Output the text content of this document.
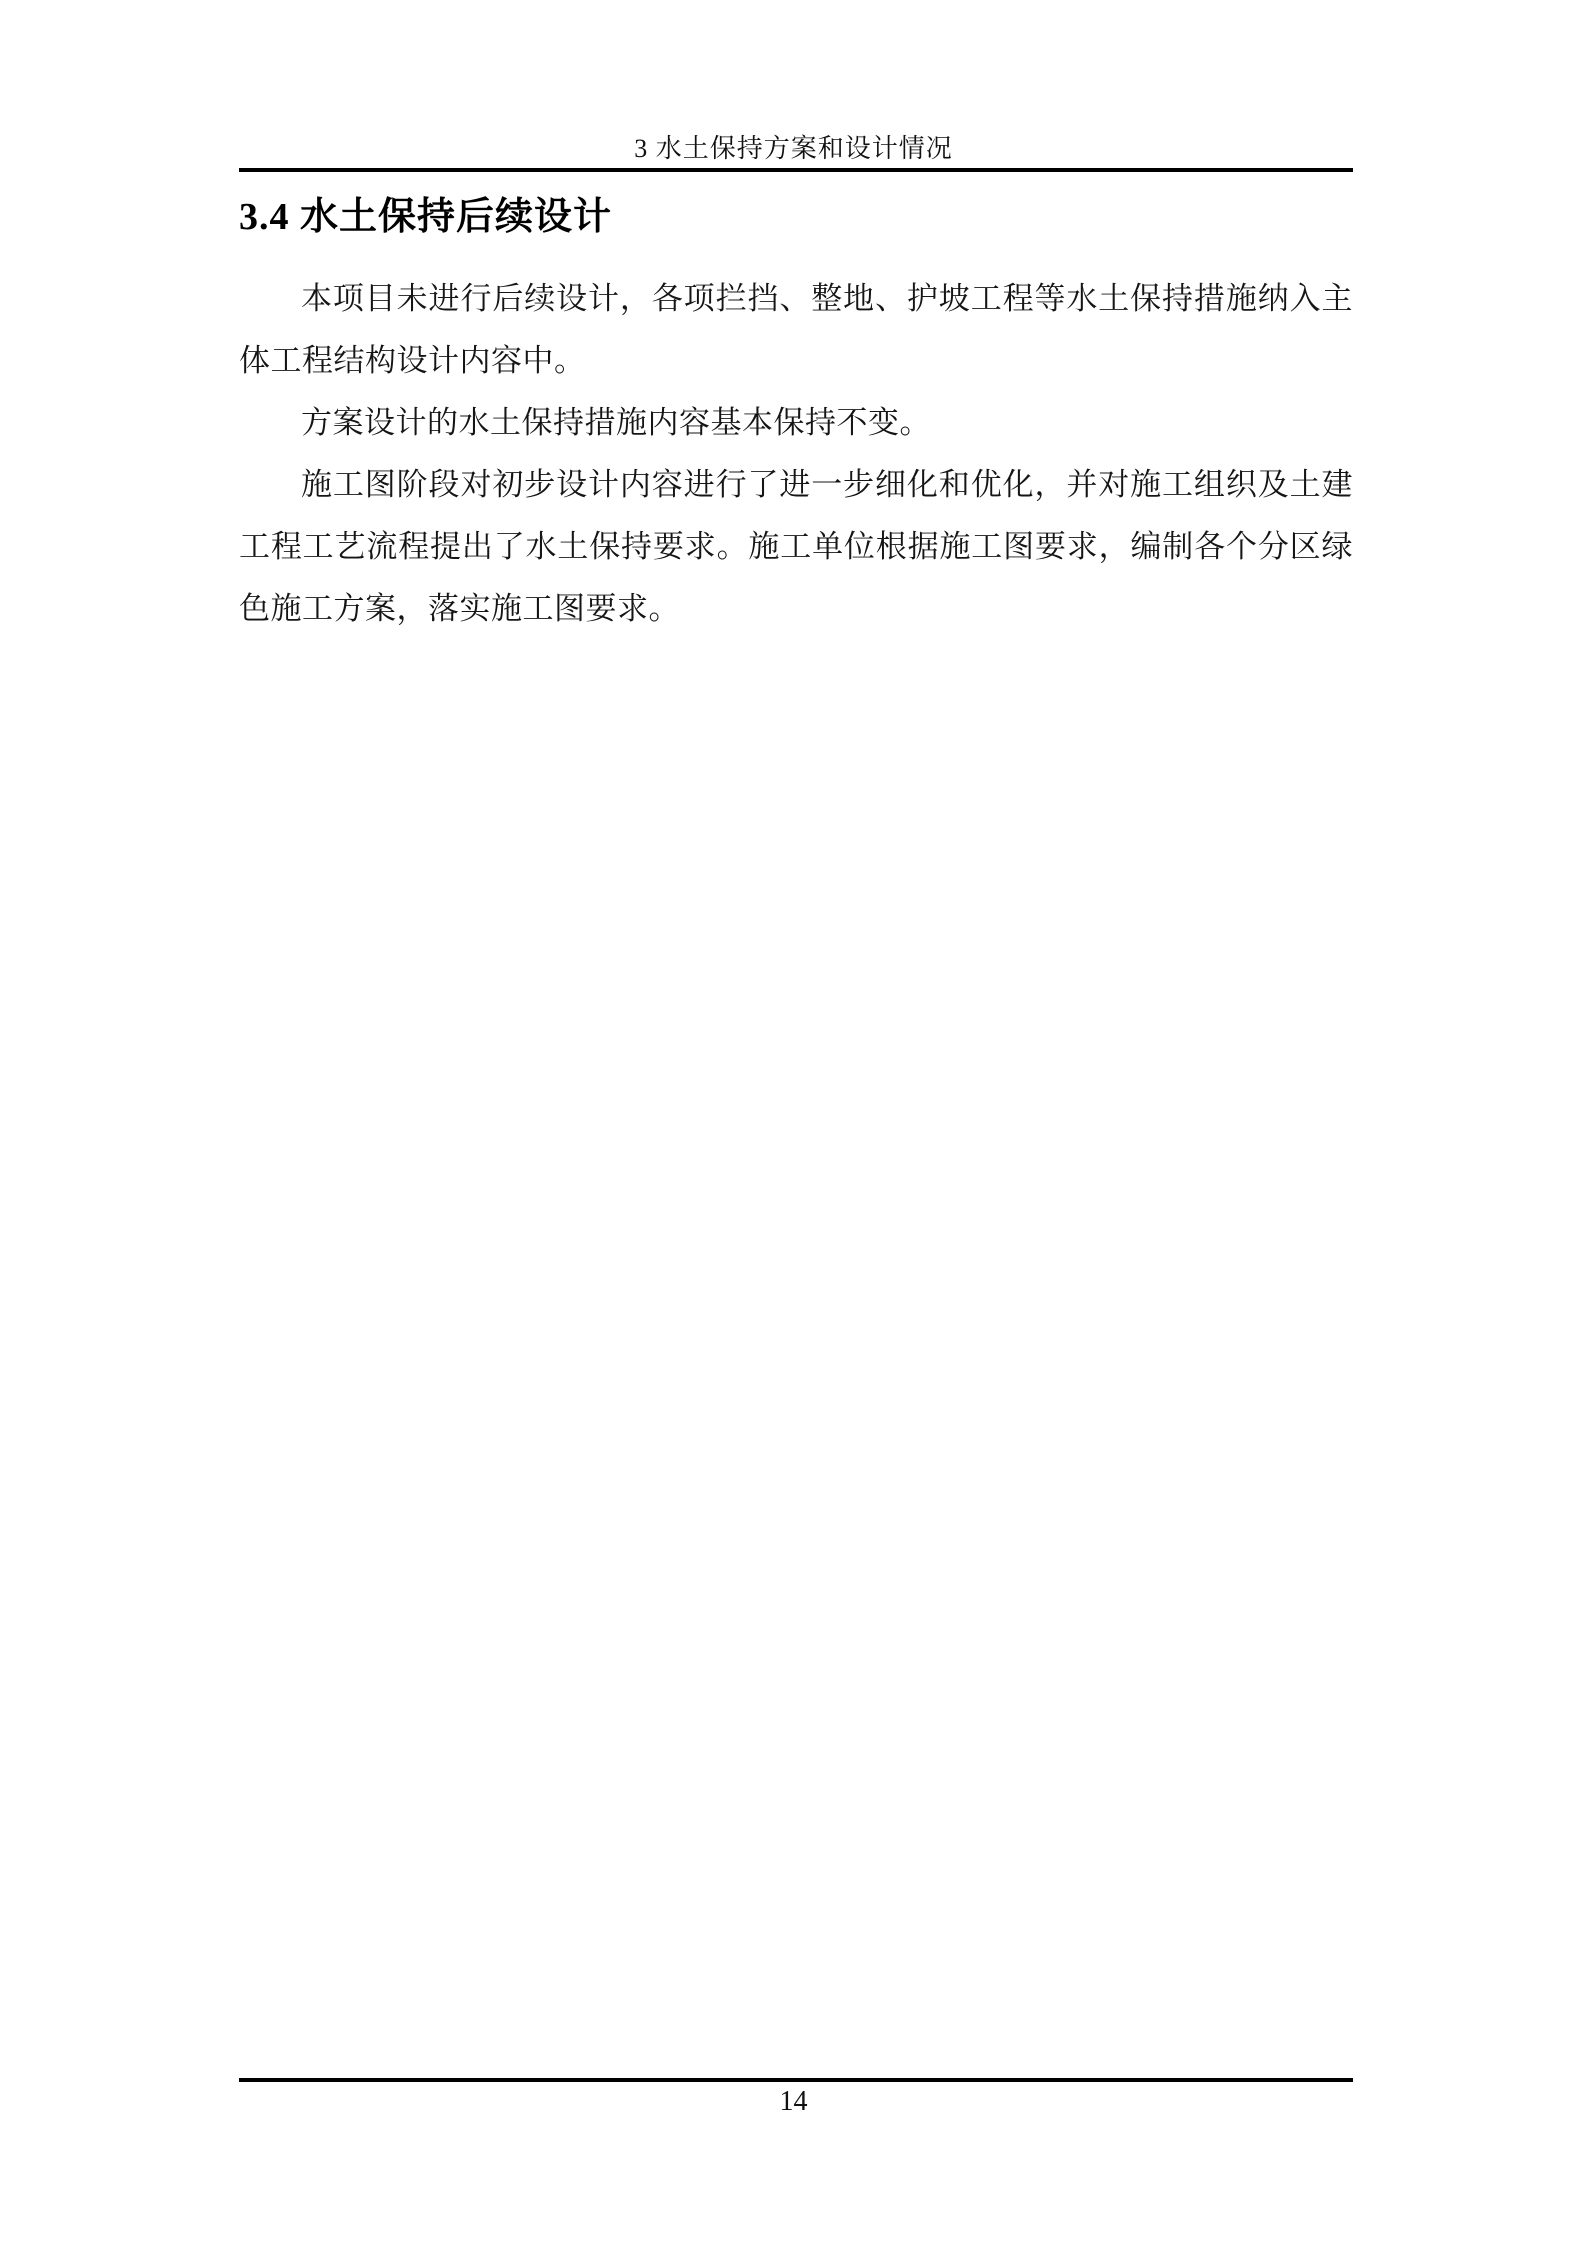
3 水土保持方案和设计情况
3.4 水土保持后续设计
本项目未进行后续设计，各项拦挡、整地、护坡工程等水土保持措施纳入主
体工程结构设计内容中。
方案设计的水土保持措施内容基本保持不变。
施工图阶段对初步设计内容进行了进一步细化和优化，并对施工组织及土建
工程工艺流程提出了水土保持要求。施工单位根据施工图要求，编制各个分区绿
色施工方案，落实施工图要求。
14
